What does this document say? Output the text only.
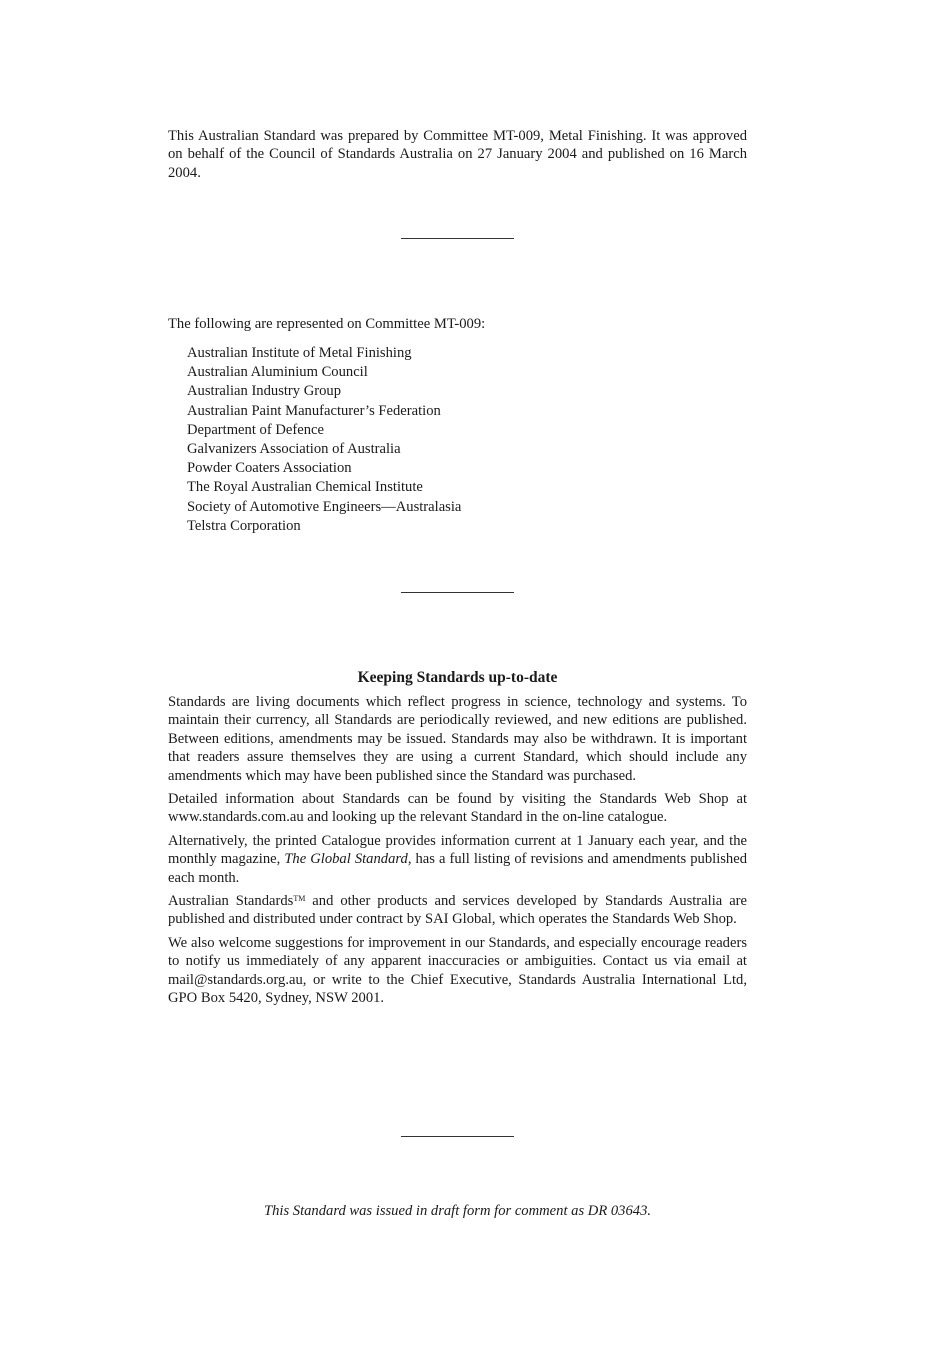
This Australian Standard was prepared by Committee MT-009, Metal Finishing. It was approved on behalf of the Council of Standards Australia on 27 January 2004 and published on 16 March 2004.
The following are represented on Committee MT-009:
Australian Institute of Metal Finishing
Australian Aluminium Council
Australian Industry Group
Australian Paint Manufacturer’s Federation
Department of Defence
Galvanizers Association of Australia
Powder Coaters Association
The Royal Australian Chemical Institute
Society of Automotive Engineers—Australasia
Telstra Corporation
Keeping Standards up-to-date

Standards are living documents which reflect progress in science, technology and systems. To maintain their currency, all Standards are periodically reviewed, and new editions are published. Between editions, amendments may be issued. Standards may also be withdrawn. It is important that readers assure themselves they are using a current Standard, which should include any amendments which may have been published since the Standard was purchased.

Detailed information about Standards can be found by visiting the Standards Web Shop at www.standards.com.au and looking up the relevant Standard in the on-line catalogue.

Alternatively, the printed Catalogue provides information current at 1 January each year, and the monthly magazine, The Global Standard, has a full listing of revisions and amendments published each month.

Australian Standards™ and other products and services developed by Standards Australia are published and distributed under contract by SAI Global, which operates the Standards Web Shop.

We also welcome suggestions for improvement in our Standards, and especially encourage readers to notify us immediately of any apparent inaccuracies or ambiguities. Contact us via email at mail@standards.org.au, or write to the Chief Executive, Standards Australia International Ltd, GPO Box 5420, Sydney, NSW 2001.

This Standard was issued in draft form for comment as DR 03643.
